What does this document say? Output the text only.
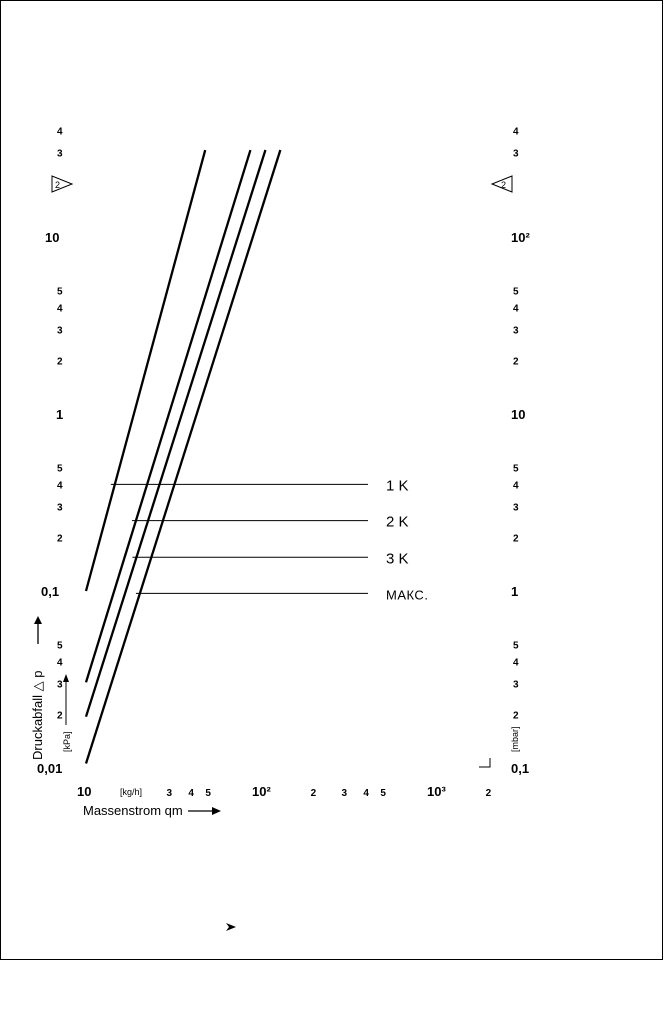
0,01
2
3
4
5
0,1
2
3
4
5
1
2
3
4
5
10
3
4
0,1
2
3
4
5
1
2
3
4
5
10
2
3
4
5
10²
3
4
10	3 4 5	10²	2	3 4 5	10³	2
1 K
2 K
3 K
МАКС.
2	2
Druckabfall △ p [kPa]	[mbar]
[kg/h]
Massenstrom qm
